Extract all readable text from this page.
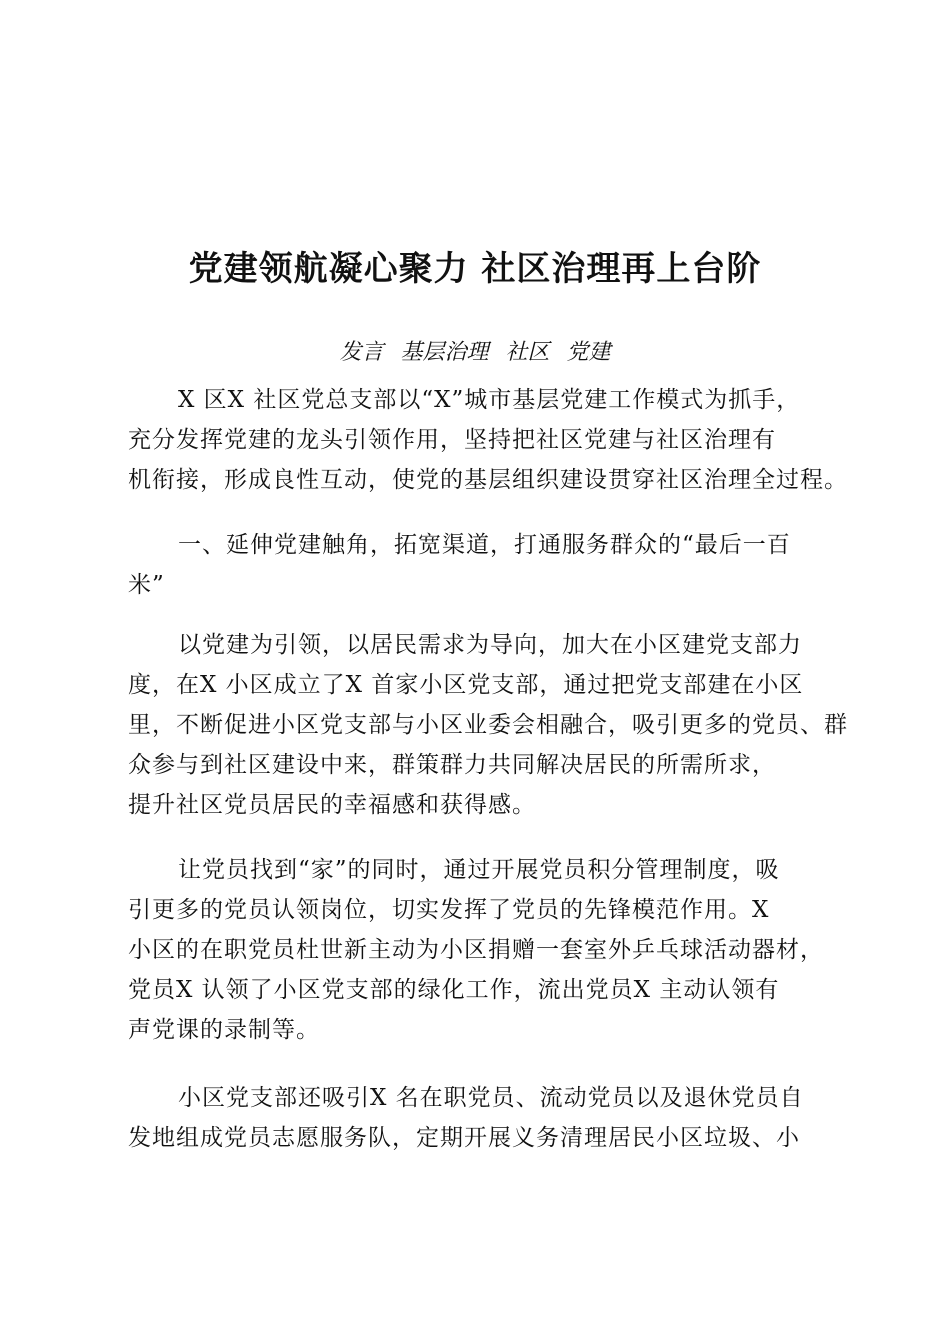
党建领航凝心聚力 社区治理再上台阶
发言 基层治理 社区 党建

X 区X 社区党总支部以“X”城市基层党建工作模式为抓手，
充分发挥党建的龙头引领作用，坚持把社区党建与社区治理有
机衔接，形成良性互动，使党的基层组织建设贯穿社区治理全过程。

一、延伸党建触角，拓宽渠道，打通服务群众的“最后一百
米”

以党建为引领，以居民需求为导向，加大在小区建党支部力
度，在X 小区成立了X 首家小区党支部，通过把党支部建在小区
里，不断促进小区党支部与小区业委会相融合，吸引更多的党员、群
众参与到社区建设中来，群策群力共同解决居民的所需所求，
提升社区党员居民的幸福感和获得感。

让党员找到“家”的同时，通过开展党员积分管理制度，吸
引更多的党员认领岗位，切实发挥了党员的先锋模范作用。X
小区的在职党员杜世新主动为小区捐赠一套室外乒乓球活动器材，
党员X 认领了小区党支部的绿化工作，流出党员X 主动认领有
声党课的录制等。

小区党支部还吸引X 名在职党员、流动党员以及退休党员自
发地组成党员志愿服务队，定期开展义务清理居民小区垃圾、小
